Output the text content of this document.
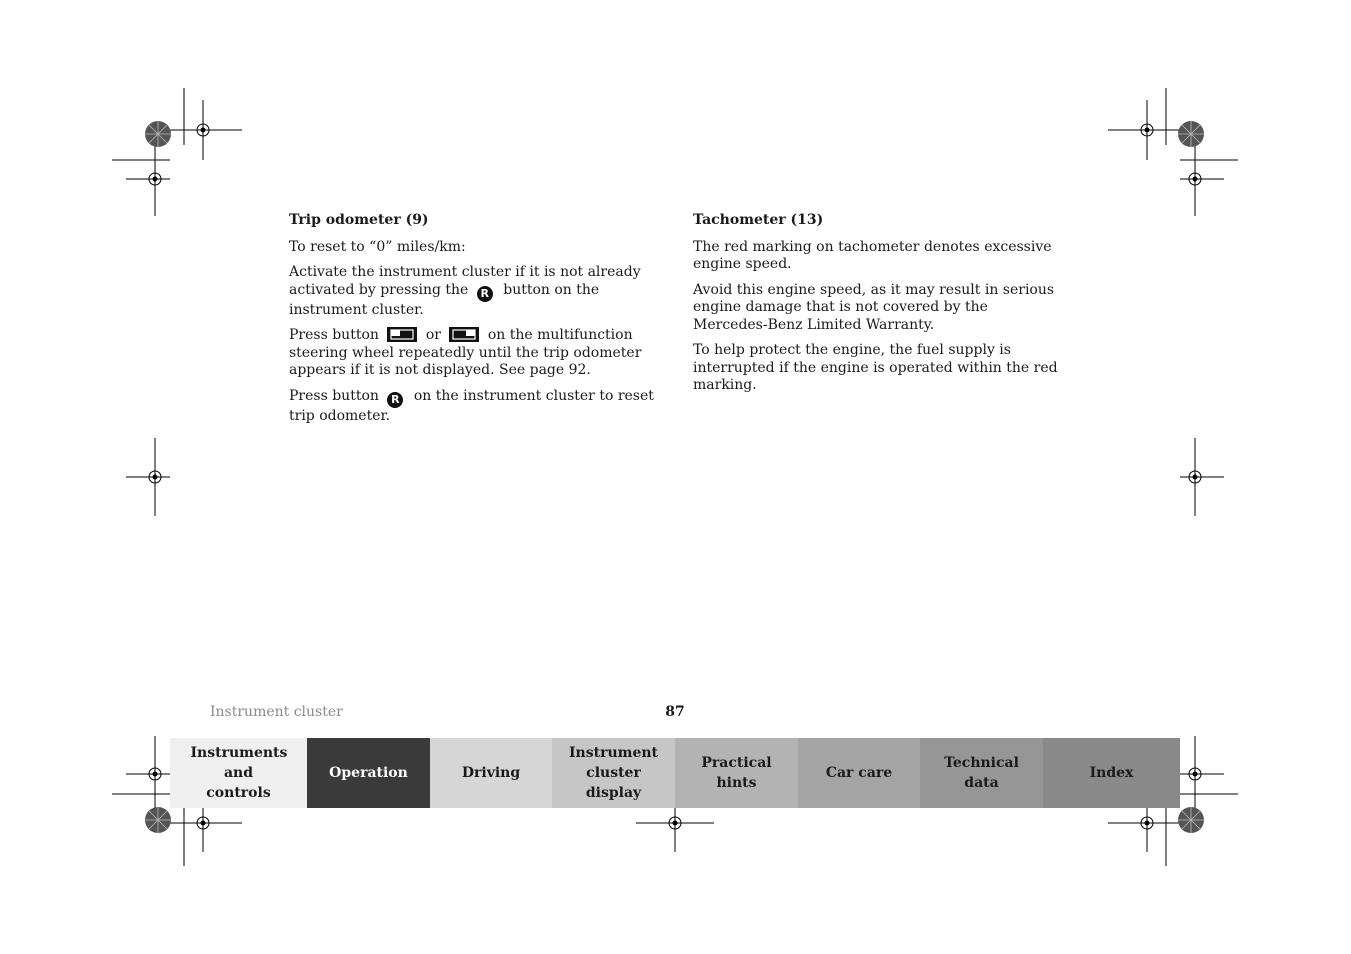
Trip odometer (9)

To reset to “0” miles/km:

Activate the instrument cluster if it is not already activated by pressing the R button on the instrument cluster.

Press button	or	on the multifunction steering wheel repeatedly until the trip odometer appears if it is not displayed. See page 92.

Press button R on the instrument cluster to reset trip odometer.

Tachometer (13)

The red marking on tachometer denotes excessive engine speed.

Avoid this engine speed, as it may result in serious engine damage that is not covered by the Mercedes-Benz Limited Warranty.

To help protect the engine, the fuel supply is interrupted if the engine is operated within the red marking.

Instrument cluster	87
Instruments and controls
Operation	Driving
Instrument cluster display
Practical hints
Car care
Technical data
Index
